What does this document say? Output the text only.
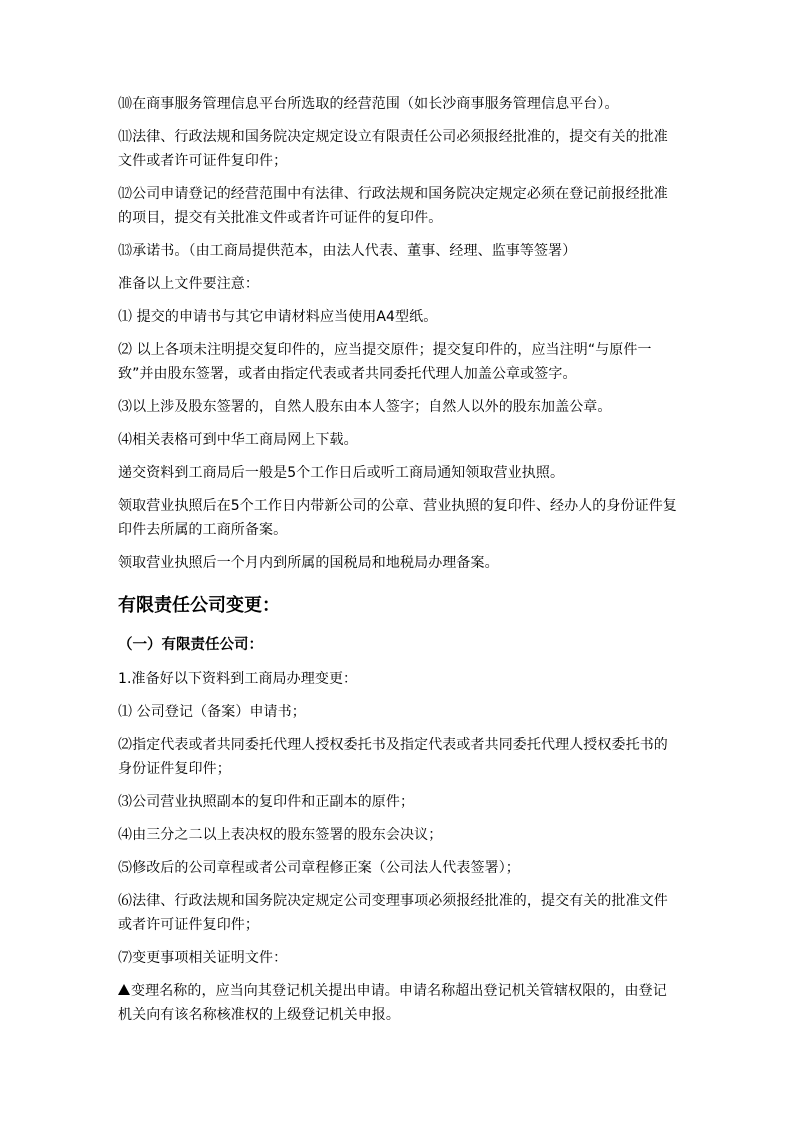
⑽在商事服务管理信息平台所选取的经营范围（如长沙商事服务管理信息平台）。

⑾法律、行政法规和国务院决定规定设立有限责任公司必须报经批准的，提交有关的批准文件或者许可证件复印件；

⑿公司申请登记的经营范围中有法律、行政法规和国务院决定规定必须在登记前报经批准的项目，提交有关批准文件或者许可证件的复印件。

⒀承诺书。（由工商局提供范本，由法人代表、董事、经理、监事等签署）

准备以上文件要注意：

⑴ 提交的申请书与其它申请材料应当使用A4型纸。

⑵ 以上各项未注明提交复印件的，应当提交原件；提交复印件的，应当注明“与原件一致”并由股东签署，或者由指定代表或者共同委托代理人加盖公章或签字。

⑶以上涉及股东签署的，自然人股东由本人签字；自然人以外的股东加盖公章。

⑷相关表格可到中华工商局网上下载。

递交资料到工商局后一般是5个工作日后或听工商局通知领取营业执照。

领取营业执照后在5个工作日内带新公司的公章、营业执照的复印件、经办人的身份证件复印件去所属的工商所备案。

领取营业执照后一个月内到所属的国税局和地税局办理备案。

有限责任公司变更：
（一）有限责任公司：

1.准备好以下资料到工商局办理变更：

⑴ 公司登记（备案）申请书；

⑵指定代表或者共同委托代理人授权委托书及指定代表或者共同委托代理人授权委托书的身份证件复印件；

⑶公司营业执照副本的复印件和正副本的原件；

⑷由三分之二以上表决权的股东签署的股东会决议；

⑸修改后的公司章程或者公司章程修正案（公司法人代表签署）；

⑹法律、行政法规和国务院决定规定公司变理事项必须报经批准的，提交有关的批准文件或者许可证件复印件；

⑺变更事项相关证明文件：

变理名称的，应当向其登记机关提出申请。申请名称超出登记机关管辖权限的，由登记机关向有该名称核准权的上级登记机关申报。
